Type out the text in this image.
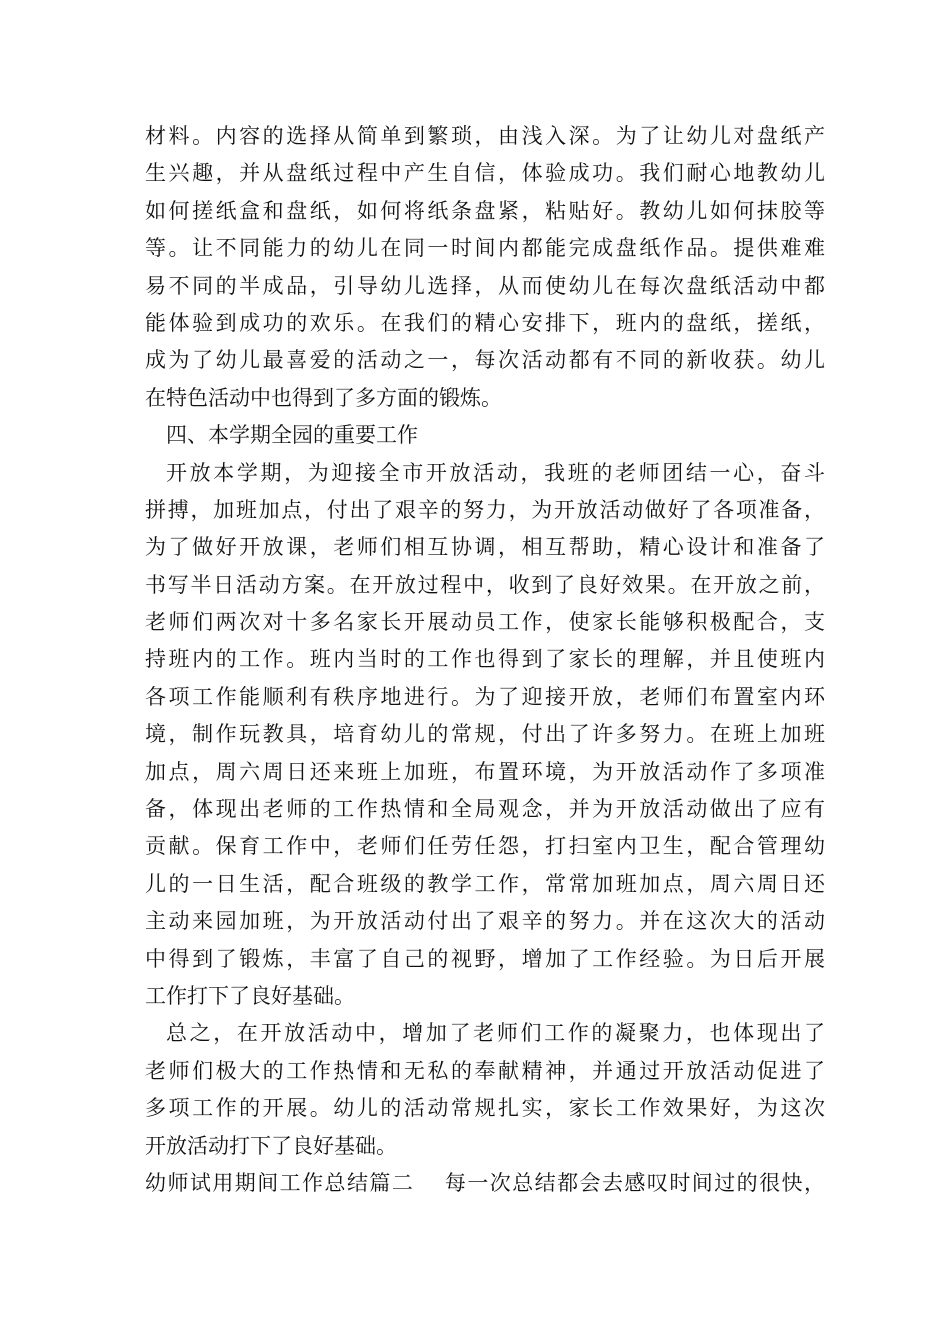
材料。内容的选择从简单到繁琐，由浅入深。为了让幼儿对盘纸产
生兴趣，并从盘纸过程中产生自信，体验成功。我们耐心地教幼儿
如何搓纸盒和盘纸，如何将纸条盘紧，粘贴好。教幼儿如何抹胶等
等。让不同能力的幼儿在同一时间内都能完成盘纸作品。提供难难
易不同的半成品，引导幼儿选择，从而使幼儿在每次盘纸活动中都
能体验到成功的欢乐。在我们的精心安排下，班内的盘纸，搓纸，
成为了幼儿最喜爱的活动之一，每次活动都有不同的新收获。幼儿
在特色活动中也得到了多方面的锻炼。
四、本学期全园的重要工作
开放本学期，为迎接全市开放活动，我班的老师团结一心，奋斗
拼搏，加班加点，付出了艰辛的努力，为开放活动做好了各项准备，
为了做好开放课，老师们相互协调，相互帮助，精心设计和准备了
书写半日活动方案。在开放过程中，收到了良好效果。在开放之前，
老师们两次对十多名家长开展动员工作，使家长能够积极配合，支
持班内的工作。班内当时的工作也得到了家长的理解，并且使班内
各项工作能顺利有秩序地进行。为了迎接开放，老师们布置室内环
境，制作玩教具，培育幼儿的常规，付出了许多努力。在班上加班
加点，周六周日还来班上加班，布置环境，为开放活动作了多项准
备，体现出老师的工作热情和全局观念，并为开放活动做出了应有
贡献。保育工作中，老师们任劳任怨，打扫室内卫生，配合管理幼
儿的一日生活，配合班级的教学工作，常常加班加点，周六周日还
主动来园加班，为开放活动付出了艰辛的努力。并在这次大的活动
中得到了锻炼，丰富了自己的视野，增加了工作经验。为日后开展
工作打下了良好基础。
总之，在开放活动中，增加了老师们工作的凝聚力，也体现出了
老师们极大的工作热情和无私的奉献精神，并通过开放活动促进了
多项工作的开展。幼儿的活动常规扎实，家长工作效果好，为这次
开放活动打下了良好基础。
幼师试用期间工作总结篇二　 每一次总结都会去感叹时间过的很快，
